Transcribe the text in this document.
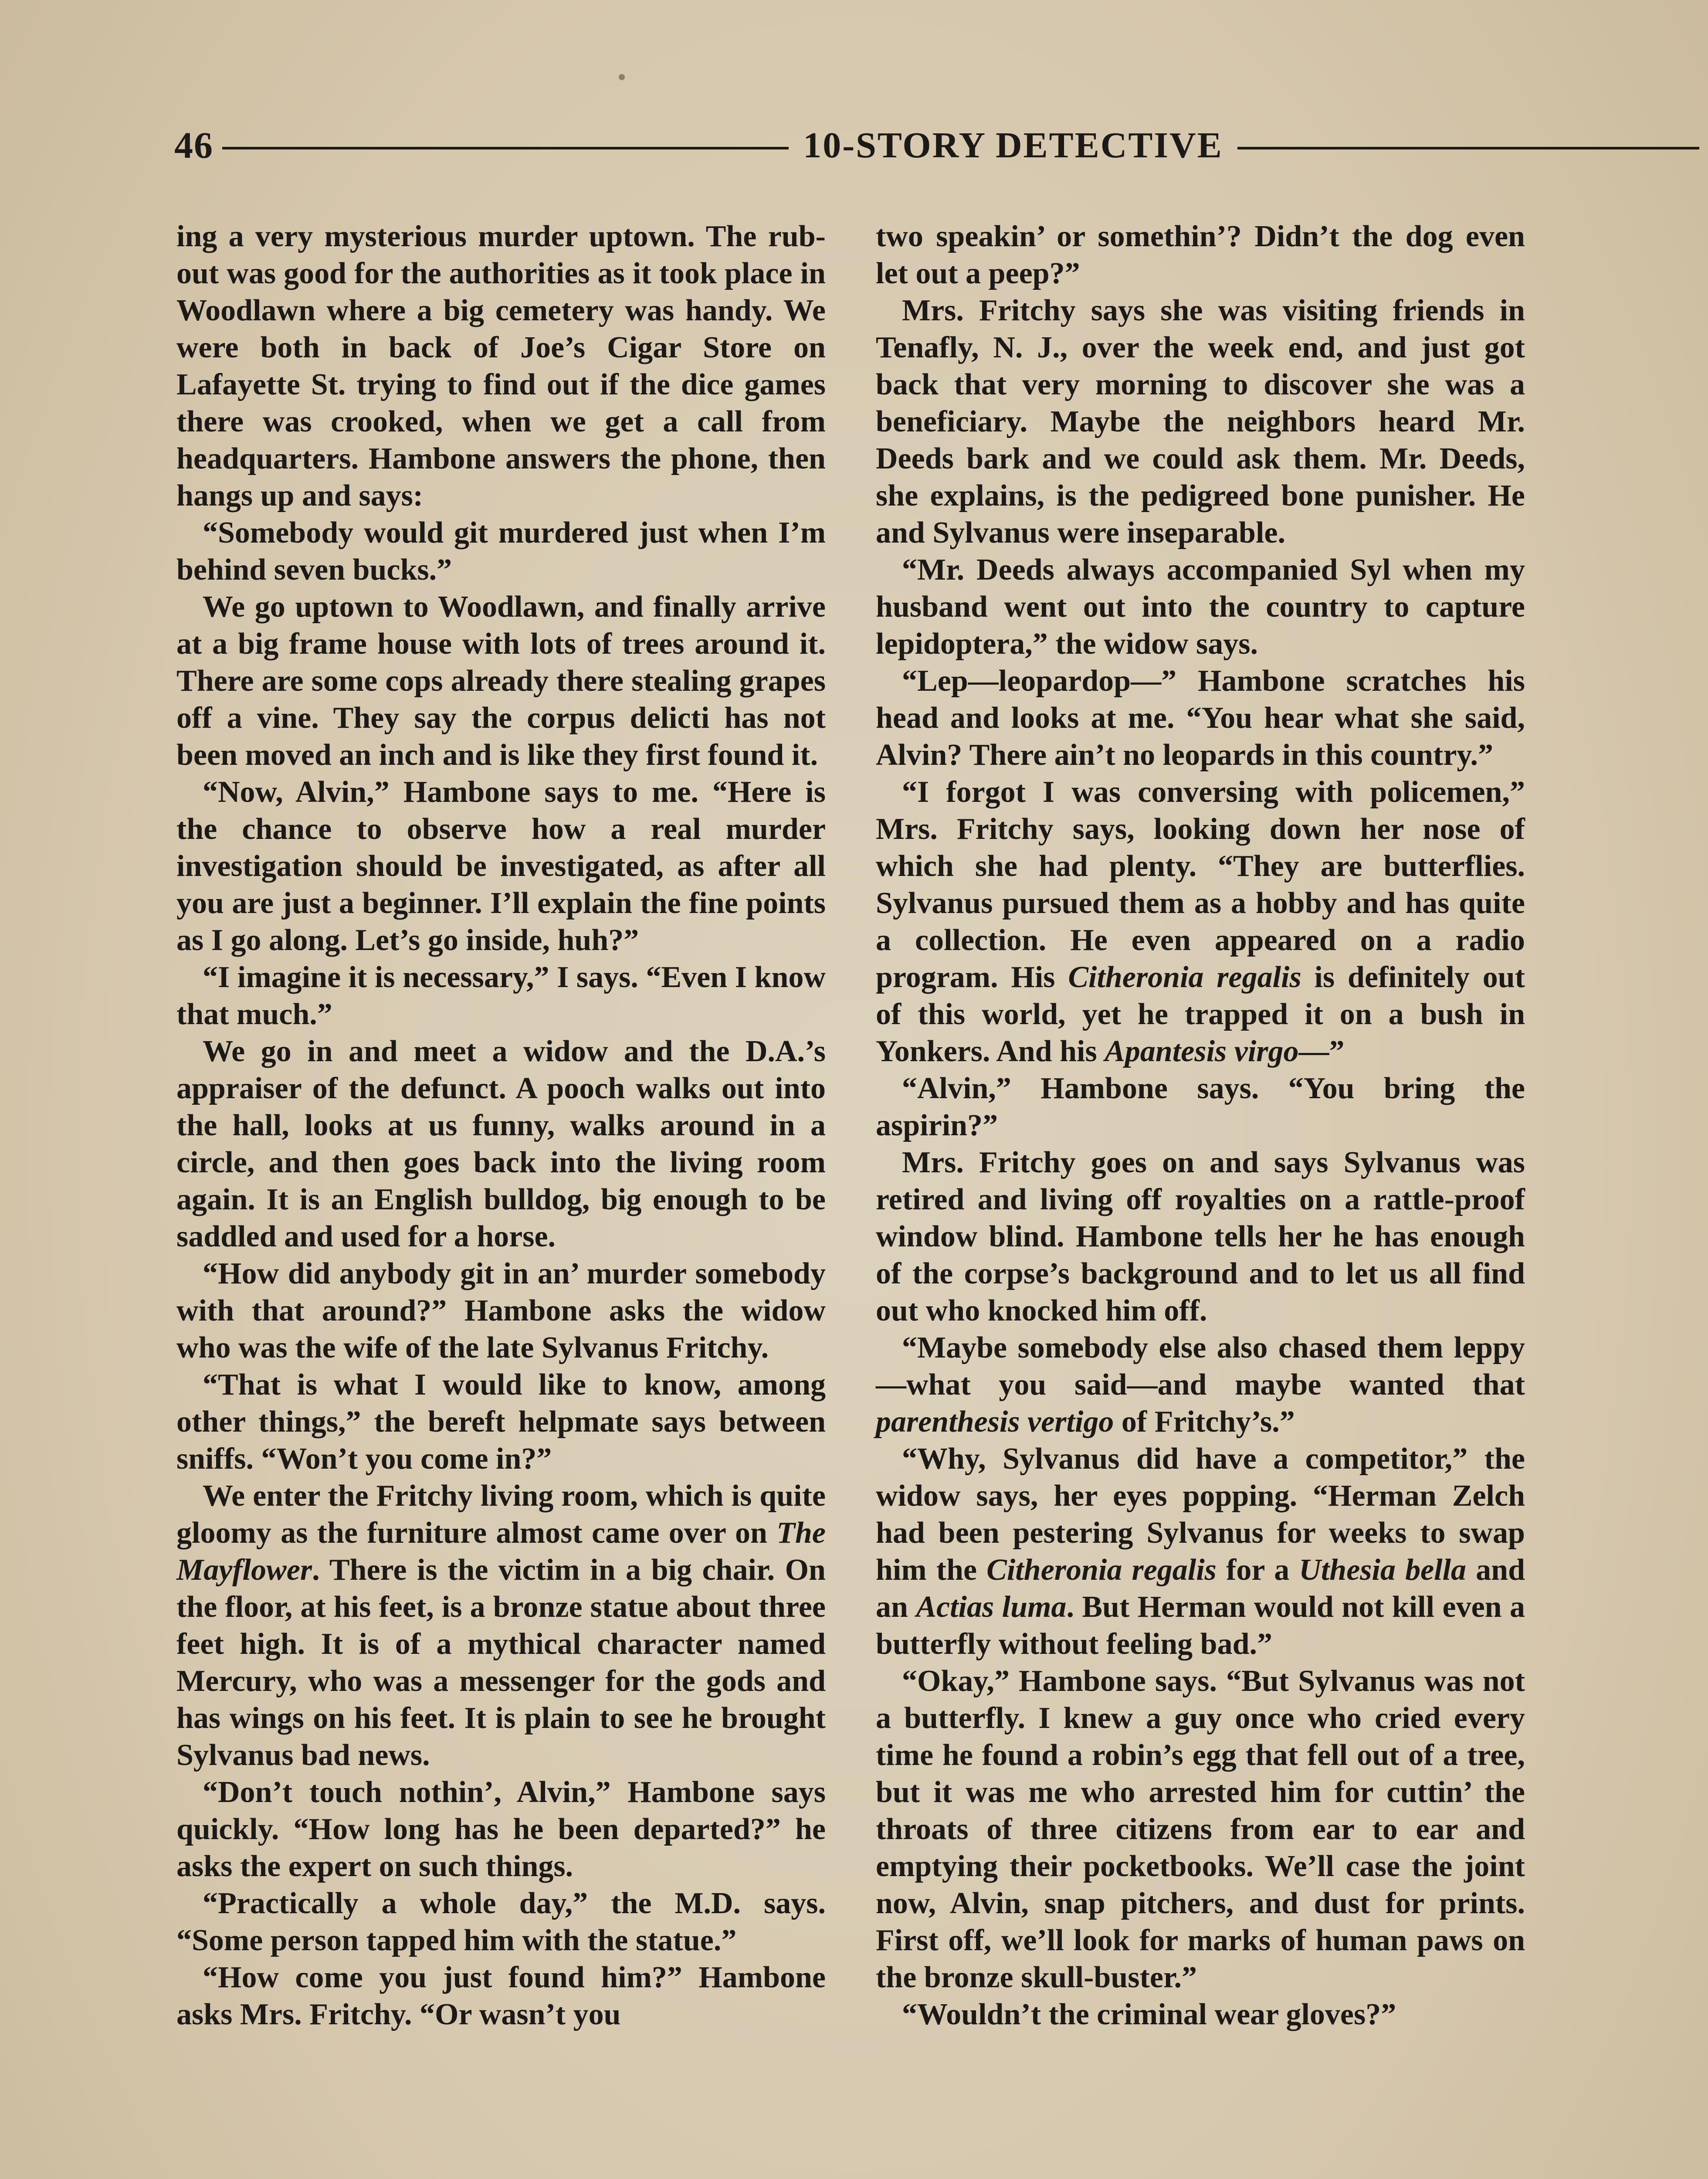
46	10-STORY DETECTIVE

ing a very mysterious murder uptown. The rub-out was good for the authorities as it took place in Woodlawn where a big cemetery was handy. We were both in back of Joe’s Cigar Store on Lafayette St. trying to find out if the dice games there was crooked, when we get a call from headquarters. Hambone answers the phone, then hangs up and says:

“Somebody would git murdered just when I’m behind seven bucks.”

We go uptown to Woodlawn, and finally arrive at a big frame house with lots of trees around it. There are some cops already there stealing grapes off a vine. They say the corpus delicti has not been moved an inch and is like they first found it.

“Now, Alvin,” Hambone says to me. “Here is the chance to observe how a real murder investigation should be investigated, as after all you are just a beginner. I’ll explain the fine points as I go along. Let’s go inside, huh?”

“I imagine it is necessary,” I says. “Even I know that much.”

We go in and meet a widow and the D.A.’s appraiser of the defunct. A pooch walks out into the hall, looks at us funny, walks around in a circle, and then goes back into the living room again. It is an English bulldog, big enough to be saddled and used for a horse.

“How did anybody git in an’ murder somebody with that around?” Hambone asks the widow who was the wife of the late Sylvanus Fritchy.

“That is what I would like to know, among other things,” the bereft helpmate says between sniffs. “Won’t you come in?”

We enter the Fritchy living room, which is quite gloomy as the furniture almost came over on The Mayflower. There is the victim in a big chair. On the floor, at his feet, is a bronze statue about three feet high. It is of a mythical character named Mercury, who was a messenger for the gods and has wings on his feet. It is plain to see he brought Sylvanus bad news.

“Don’t touch nothin’, Alvin,” Hambone says quickly. “How long has he been departed?” he asks the expert on such things.

“Practically a whole day,” the M.D. says. “Some person tapped him with the statue.”

“How come you just found him?” Hambone asks Mrs. Fritchy. “Or wasn’t you

two speakin’ or somethin’? Didn’t the dog even let out a peep?”

Mrs. Fritchy says she was visiting friends in Tenafly, N. J., over the week end, and just got back that very morning to discover she was a beneficiary. Maybe the neighbors heard Mr. Deeds bark and we could ask them. Mr. Deeds, she explains, is the pedigreed bone punisher. He and Sylvanus were inseparable.

“Mr. Deeds always accompanied Syl when my husband went out into the country to capture lepidoptera,” the widow says.

“Lep—leopardop—” Hambone scratches his head and looks at me. “You hear what she said, Alvin? There ain’t no leopards in this country.”

“I forgot I was conversing with policemen,” Mrs. Fritchy says, looking down her nose of which she had plenty. “They are butterflies. Sylvanus pursued them as a hobby and has quite a collection. He even appeared on a radio program. His Citheronia regalis is definitely out of this world, yet he trapped it on a bush in Yonkers. And his Apantesis virgo—”

“Alvin,” Hambone says. “You bring the aspirin?”

Mrs. Fritchy goes on and says Sylvanus was retired and living off royalties on a rattle-proof window blind. Hambone tells her he has enough of the corpse’s background and to let us all find out who knocked him off.

“Maybe somebody else also chased them leppy—what you said—and maybe wanted that parenthesis vertigo of Fritchy’s.”

“Why, Sylvanus did have a competitor,” the widow says, her eyes popping. “Herman Zelch had been pestering Sylvanus for weeks to swap him the Citheronia regalis for a Uthesia bella and an Actias luma. But Herman would not kill even a butterfly without feeling bad.”

“Okay,” Hambone says. “But Sylvanus was not a butterfly. I knew a guy once who cried every time he found a robin’s egg that fell out of a tree, but it was me who arrested him for cuttin’ the throats of three citizens from ear to ear and emptying their pocketbooks. We’ll case the joint now, Alvin, snap pitchers, and dust for prints. First off, we’ll look for marks of human paws on the bronze skull-buster.”

“Wouldn’t the criminal wear gloves?”
